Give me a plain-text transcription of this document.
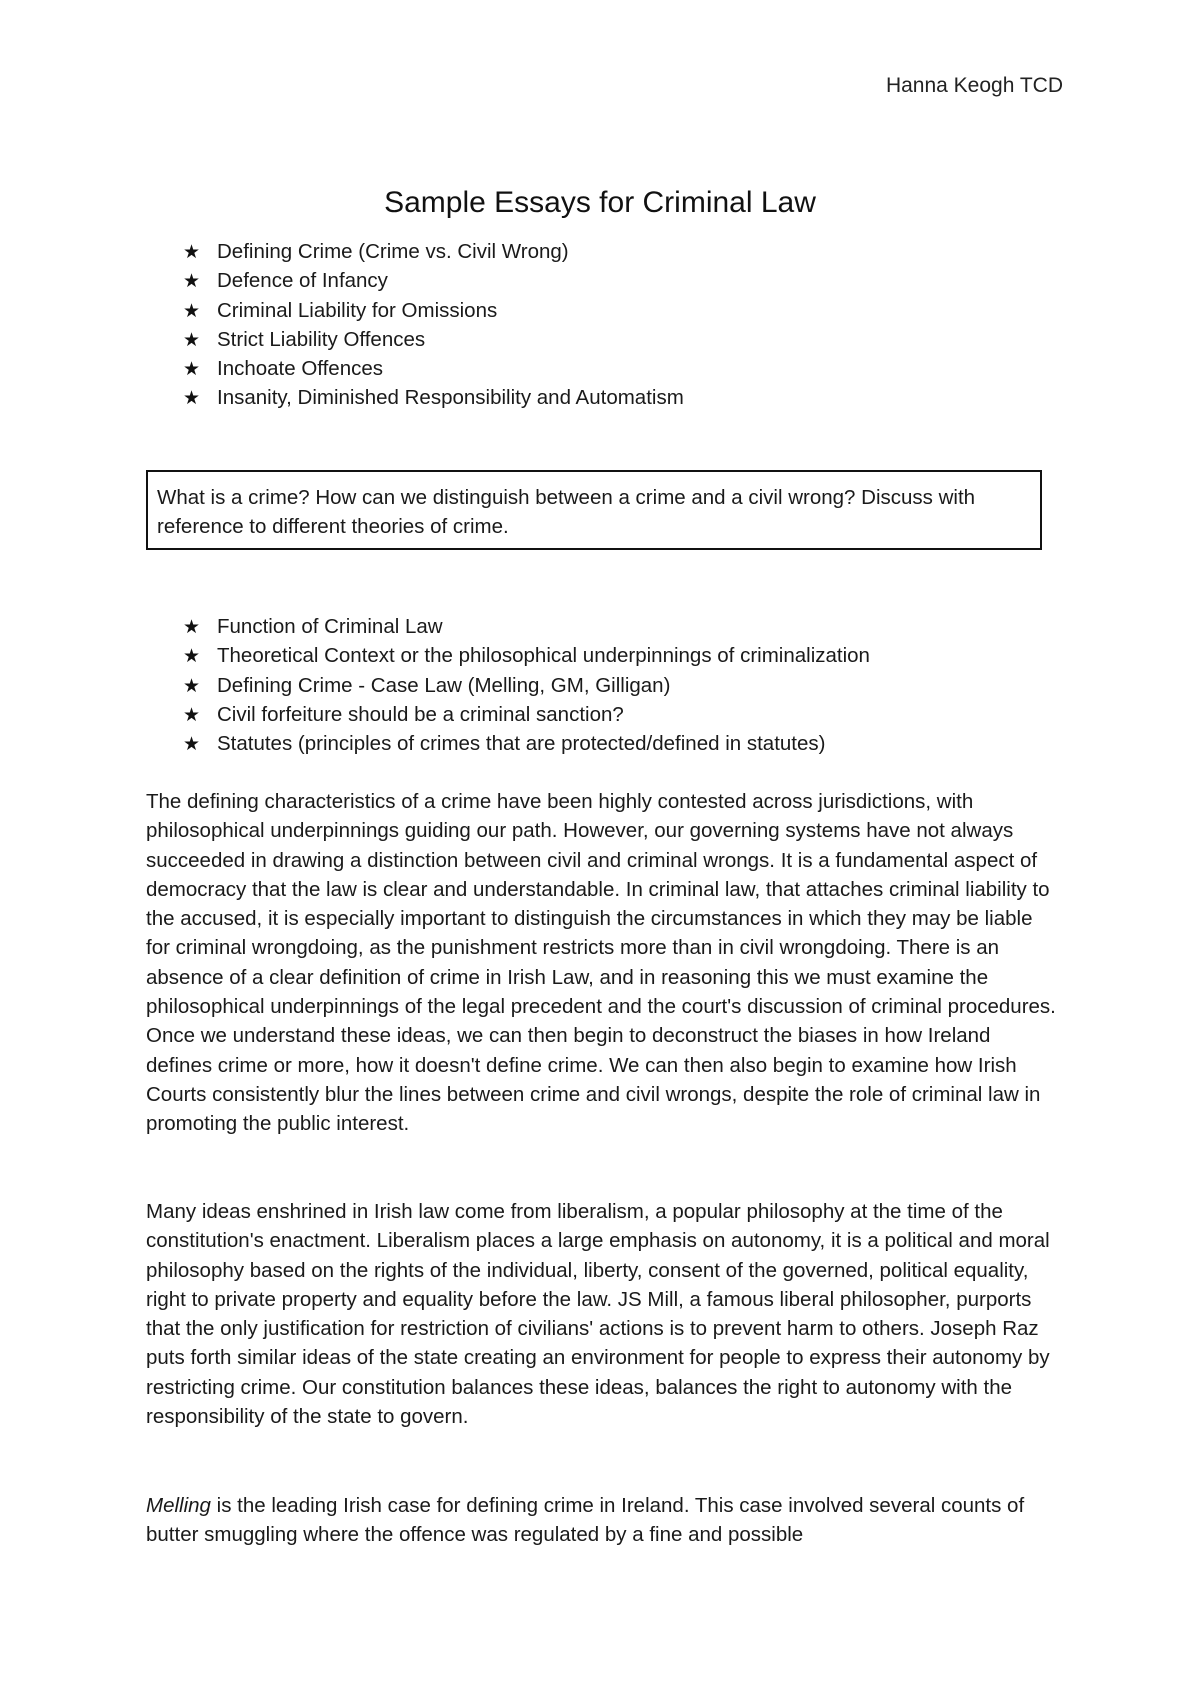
Hanna Keogh TCD
Sample Essays for Criminal Law
★ Defining Crime (Crime vs. Civil Wrong)
★ Defence of Infancy
★ Criminal Liability for Omissions
★ Strict Liability Offences
★ Inchoate Offences
★ Insanity, Diminished Responsibility and Automatism
What is a crime? How can we distinguish between a crime and a civil wrong? Discuss with reference to different theories of crime.
★ Function of Criminal Law
★ Theoretical Context or the philosophical underpinnings of criminalization
★ Defining Crime - Case Law (Melling, GM, Gilligan)
★ Civil forfeiture should be a criminal sanction?
★ Statutes (principles of crimes that are protected/defined in statutes)

The defining characteristics of a crime have been highly contested across jurisdictions, with philosophical underpinnings guiding our path. However, our governing systems have not always succeeded in drawing a distinction between civil and criminal wrongs. It is a fundamental aspect of democracy that the law is clear and understandable. In criminal law, that attaches criminal liability to the accused, it is especially important to distinguish the circumstances in which they may be liable for criminal wrongdoing, as the punishment restricts more than in civil wrongdoing. There is an absence of a clear definition of crime in Irish Law, and in reasoning this we must examine the philosophical underpinnings of the legal precedent and the court's discussion of criminal procedures. Once we understand these ideas, we can then begin to deconstruct the biases in how Ireland defines crime or more, how it doesn't define crime. We can then also begin to examine how Irish Courts consistently blur the lines between crime and civil wrongs, despite the role of criminal law in promoting the public interest.

Many ideas enshrined in Irish law come from liberalism, a popular philosophy at the time of the constitution's enactment. Liberalism places a large emphasis on autonomy, it is a political and moral philosophy based on the rights of the individual, liberty, consent of the governed, political equality, right to private property and equality before the law. JS Mill, a famous liberal philosopher, purports that the only justification for restriction of civilians' actions is to prevent harm to others. Joseph Raz puts forth similar ideas of the state creating an environment for people to express their autonomy by restricting crime. Our constitution balances these ideas, balances the right to autonomy with the responsibility of the state to govern.

Melling is the leading Irish case for defining crime in Ireland. This case involved several counts of butter smuggling where the offence was regulated by a fine and possible
